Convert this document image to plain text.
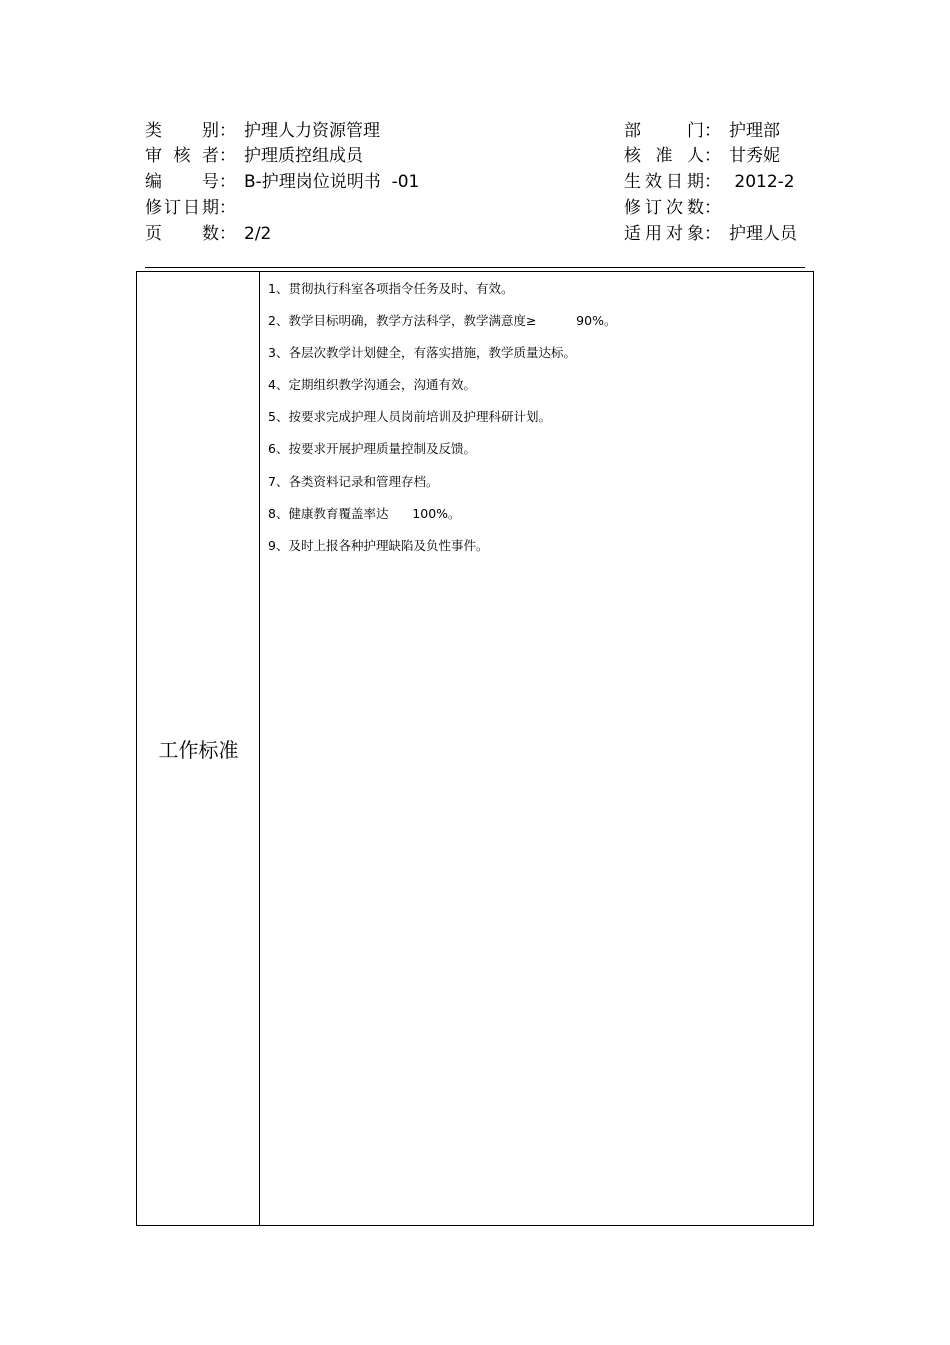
类　别 ： 护理人力资源管理
审核者 ： 护理质控组成员
编　号 ： B-护理岗位说明书  -01
修订日期 ：
页　数 ： 2/2
部　门 ： 护理部
核准人 ： 甘秀妮
生效日期 ： 2012-2
修订次数 ：
适用对象 ： 护理人员
工作标准
1、贯彻执行科室各项指令任务及时、有效。
2、教学目标明确，教学方法科学，教学满意度≥          90%。
3、各层次教学计划健全，有落实措施，教学质量达标。
4、定期组织教学沟通会，沟通有效。
5、按要求完成护理人员岗前培训及护理科研计划。
6、按要求开展护理质量控制及反馈。
7、各类资料记录和管理存档。
8、健康教育覆盖率达      100%。
9、及时上报各种护理缺陷及负性事件。
